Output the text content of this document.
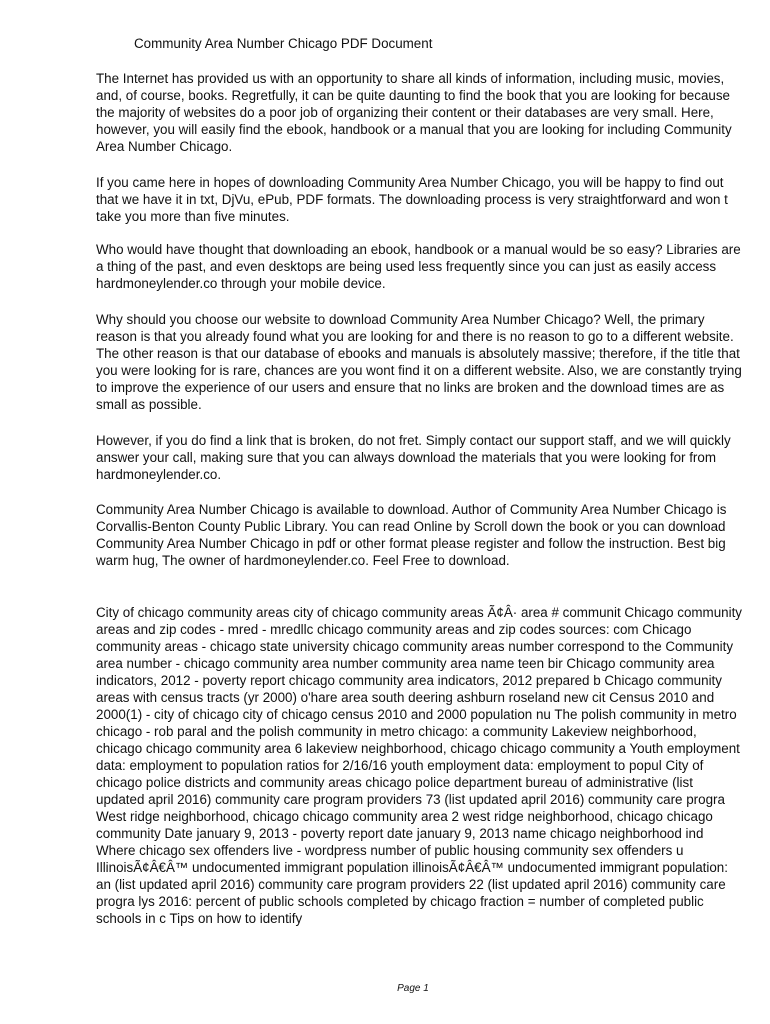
Community Area Number Chicago PDF Document

The Internet has provided us with an opportunity to share all kinds of information, including music, movies, and, of course, books. Regretfully, it can be quite daunting to find the book that you are looking for because the majority of websites do a poor job of organizing their content or their databases are very small. Here, however, you will easily find the ebook, handbook or a manual that you are looking for including Community Area Number Chicago.

If you came here in hopes of downloading Community Area Number Chicago, you will be happy to find out that we have it in txt, DjVu, ePub, PDF formats. The downloading process is very straightforward and won t take you more than five minutes.

Who would have thought that downloading an ebook, handbook or a manual would be so easy? Libraries are a thing of the past, and even desktops are being used less frequently since you can just as easily access hardmoneylender.co through your mobile device.

Why should you choose our website to download Community Area Number Chicago? Well, the primary reason is that you already found what you are looking for and there is no reason to go to a different website. The other reason is that our database of ebooks and manuals is absolutely massive; therefore, if the title that you were looking for is rare, chances are you wont find it on a different website. Also, we are constantly trying to improve the experience of our users and ensure that no links are broken and the download times are as small as possible.

However, if you do find a link that is broken, do not fret. Simply contact our support staff, and we will quickly answer your call, making sure that you can always download the materials that you were looking for from hardmoneylender.co.

Community Area Number Chicago is available to download. Author of Community Area Number Chicago is Corvallis-Benton County Public Library. You can read Online by Scroll down the book or you can download Community Area Number Chicago in pdf or other format please register and follow the instruction. Best big warm hug, The owner of hardmoneylender.co. Feel Free to download.

City of chicago community areas city of chicago community areas Ã¢Â· area # communit Chicago community areas and zip codes - mred - mredllc chicago community areas and zip codes sources: com Chicago community areas - chicago state university chicago community areas number correspond to the Community area number - chicago community area number community area name teen bir Chicago community area indicators, 2012 - poverty report chicago community area indicators, 2012 prepared b Chicago community areas with census tracts (yr 2000) o'hare area south deering ashburn roseland new cit Census 2010 and 2000(1) - city of chicago city of chicago census 2010 and 2000 population nu The polish community in metro chicago - rob paral and the polish community in metro chicago: a community Lakeview neighborhood, chicago chicago community area 6 lakeview neighborhood, chicago chicago community a Youth employment data: employment to population ratios for 2/16/16 youth employment data: employment to popul City of chicago police districts and community areas chicago police department bureau of administrative (list updated april 2016) community care program providers 73 (list updated april 2016) community care progra West ridge neighborhood, chicago chicago community area 2 west ridge neighborhood, chicago chicago community Date january 9, 2013 - poverty report date january 9, 2013 name chicago neighborhood ind Where chicago sex offenders live - wordpress number of public housing community sex offenders u IllinoisÃ¢Â€Â™ undocumented immigrant population illinoisÃ¢Â€Â™ undocumented immigrant population: an (list updated april 2016) community care program providers 22 (list updated april 2016) community care progra lys 2016: percent of public schools completed by chicago fraction = number of completed public schools in c Tips on how to identify

Page 1
